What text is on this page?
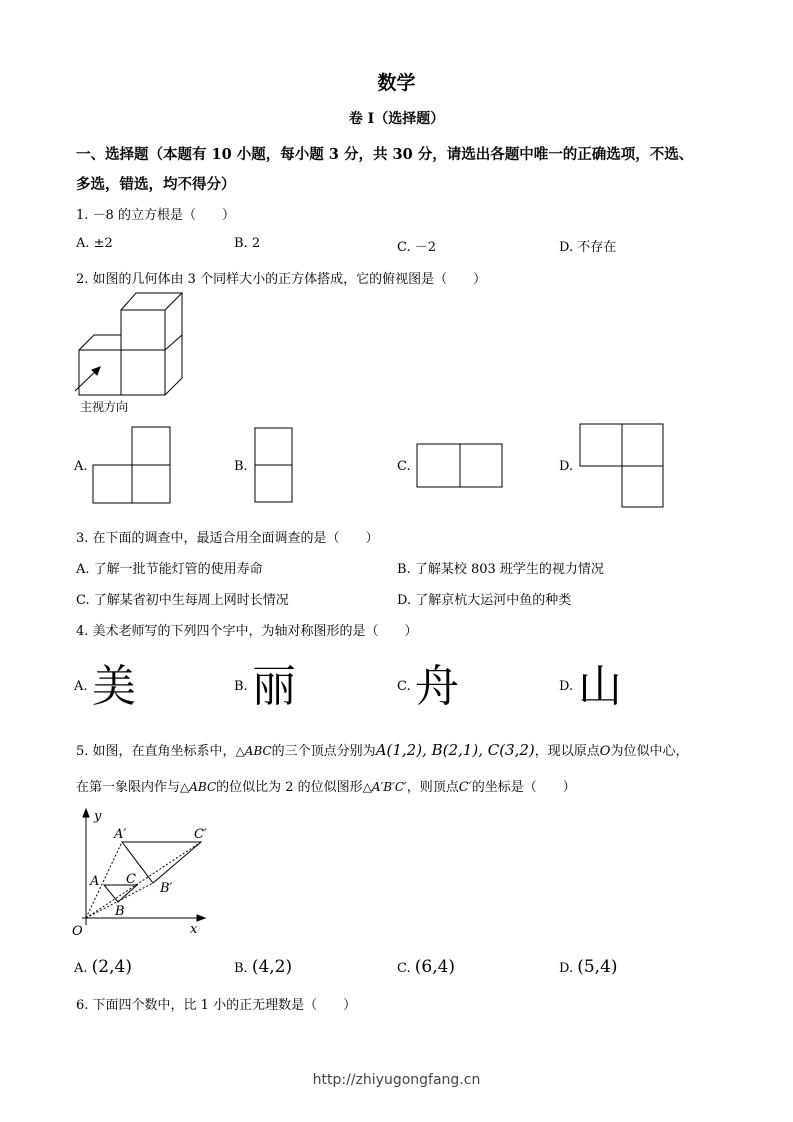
数学
卷 I（选择题）
一、选择题（本题有 10 小题，每小题 3 分，共 30 分，请选出各题中唯一的正确选项，不选、
多选，错选，均不得分）
1. －8 的立方根是（　　）
A. ±2	B. 2	C. －2	D. 不存在
2. 如图的几何体由 3 个同样大小的正方体搭成，它的俯视图是（　　）
主视方向
A.	B.	C.	D.
3. 在下面的调查中，最适合用全面调查的是（　　）
A. 了解一批节能灯管的使用寿命	B. 了解某校 803 班学生的视力情况
C. 了解某省初中生每周上网时长情况	D. 了解京杭大运河中鱼的种类
4. 美术老师写的下列四个字中，为轴对称图形的是（　　）
A. 美	B. 丽	C. 舟	D. 山
5. 如图，在直角坐标系中，△ABC的三个顶点分别为A(1,2), B(2,1), C(3,2)，现以原点O为位似中心，
在第一象限内作与△ABC的位似比为 2 的位似图形△A′B′C′，则顶点C′的坐标是（　　）
y
x
O
A
B
C
A′
B′
C′
A. (2,4)	B. (4,2)	C. (6,4)	D. (5,4)
6. 下面四个数中，比 1 小的正无理数是（　　）
http://zhiyugongfang.cn
